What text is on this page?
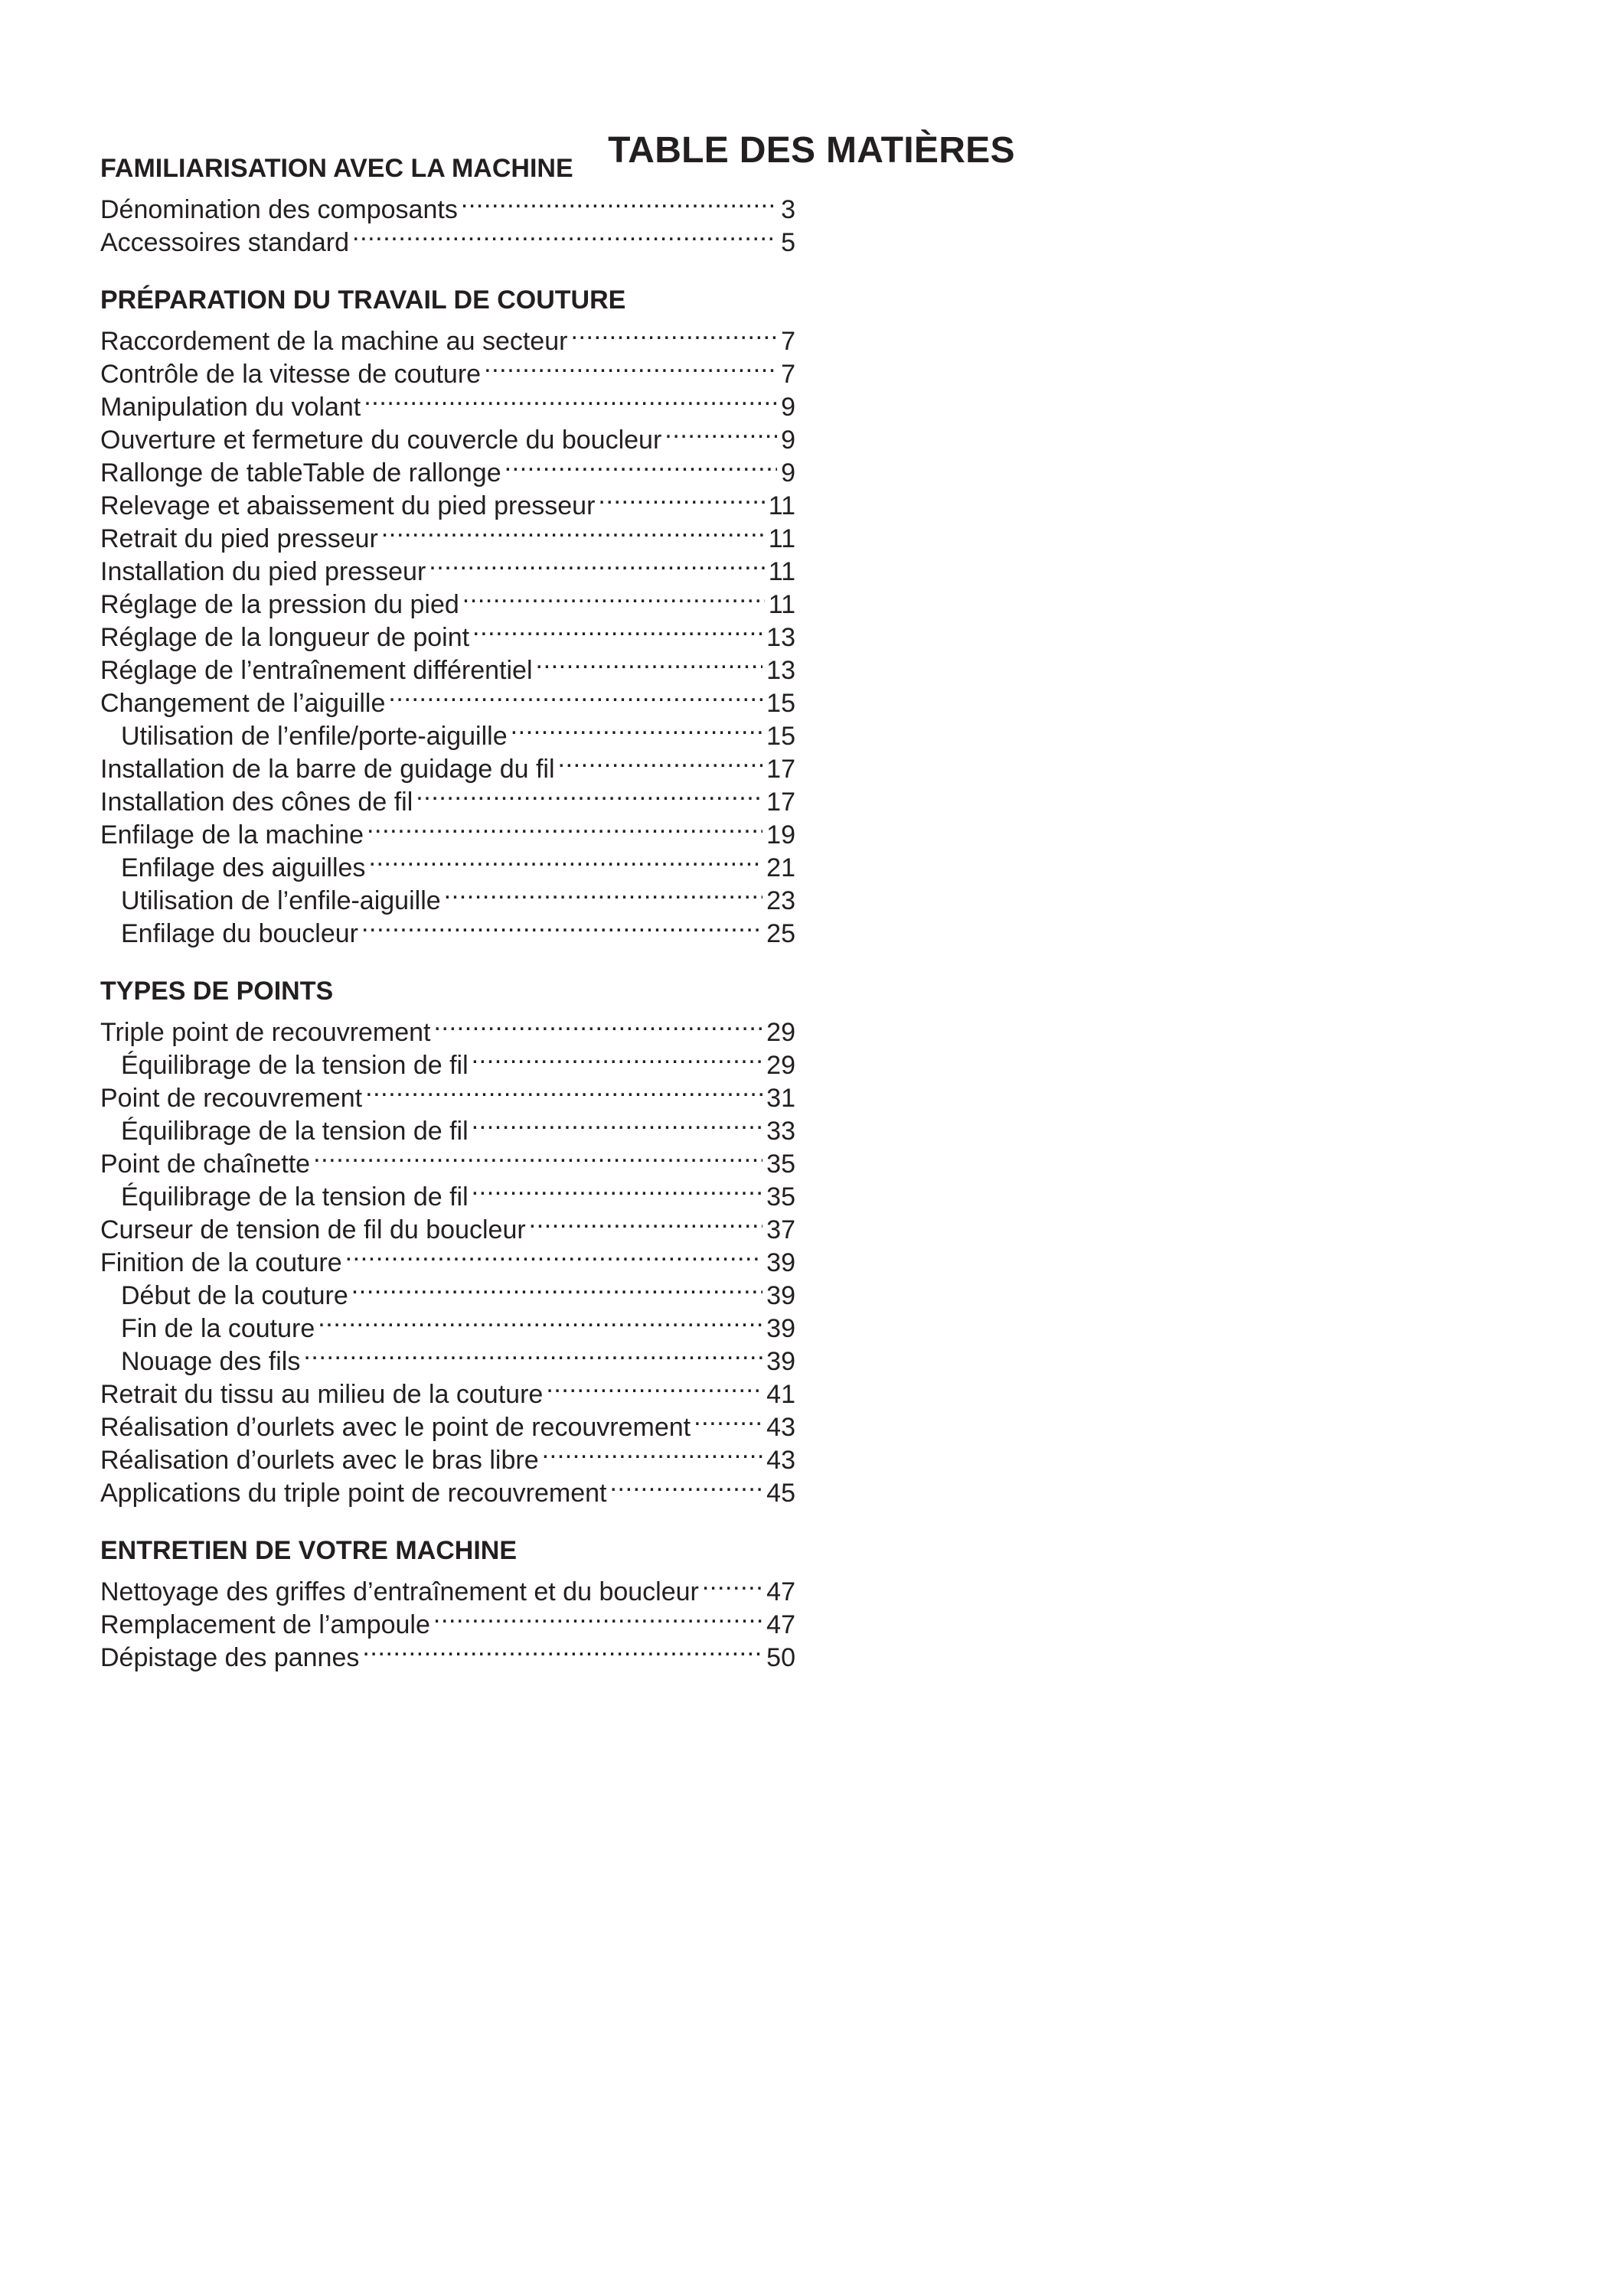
TABLE DES MATIÈRES
FAMILIARISATION AVEC LA MACHINE
Dénomination des composants .....	3
Accessoires standard .....	5
PRÉPARATION DU TRAVAIL DE COUTURE
Raccordement de la machine au secteur .....	7
Contrôle de la vitesse de couture .....	7
Manipulation du volant .....	9
Ouverture et fermeture du couvercle du boucleur .....	9
Rallonge de tableTable de rallonge .....	9
Relevage et abaissement du pied presseur .....	11
Retrait du pied presseur .....	11
Installation du pied presseur .....	11
Réglage de la pression du pied .....	11
Réglage de la longueur de point .....	13
Réglage de l’entraînement différentiel .....	13
Changement de l’aiguille .....	15
Utilisation de l’enfile/porte-aiguille .....	15
Installation de la barre de guidage du fil .....	17
Installation des cônes de fil .....	17
Enfilage de la machine .....	19
Enfilage des aiguilles .....	21
Utilisation de l’enfile-aiguille .....	23
Enfilage du boucleur .....	25
TYPES DE POINTS
Triple point de recouvrement .....	29
Équilibrage de la tension de fil .....	29
Point de recouvrement .....	31
Équilibrage de la tension de fil .....	33
Point de chaînette .....	35
Équilibrage de la tension de fil .....	35
Curseur de tension de fil du boucleur .....	37
Finition de la couture .....	39
Début de la couture .....	39
Fin de la couture .....	39
Nouage des fils .....	39
Retrait du tissu au milieu de la couture .....	41
Réalisation d’ourlets avec le point de recouvrement .....	43
Réalisation d’ourlets avec le bras libre .....	43
Applications du triple point de recouvrement .....	45
ENTRETIEN DE VOTRE MACHINE
Nettoyage des griffes d’entraînement et du boucleur .....	47
Remplacement de l’ampoule .....	47
Dépistage des pannes .....	50
